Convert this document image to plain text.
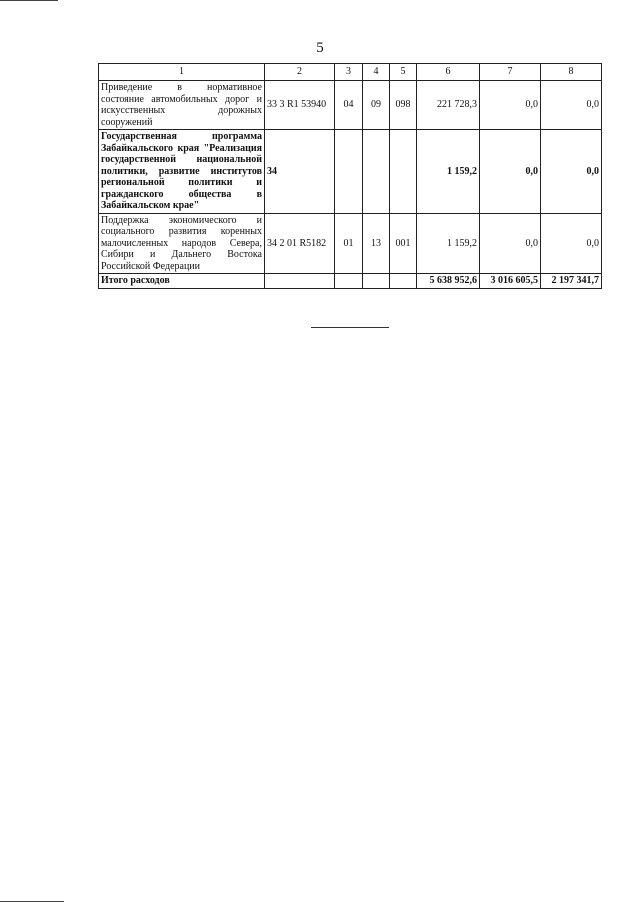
5
1	2	3	4	5	6	7	8
Приведение в нормативное состояние автомобильных дорог и искусственных дорожных сооружений	33 3 R1 53940	04	09	098	221 728,3	0,0	0,0
Государственная программа Забайкальского края "Реализация государственной национальной политики, развитие институтов региональной политики и гражданского общества в Забайкальском крае"	34				1 159,2	0,0	0,0
Поддержка экономического и социального развития коренных малочисленных народов Севера, Сибири и Дальнего Востока Российской Федерации	34 2 01 R5182	01	13	001	1 159,2	0,0	0,0
Итого расходов					5 638 952,6	3 016 605,5	2 197 341,7
